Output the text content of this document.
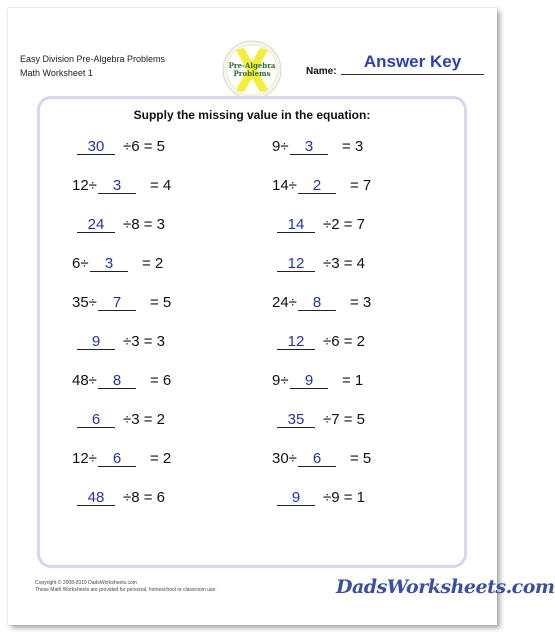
Easy Division Pre-Algebra Problems
Math Worksheet 1
Pre-Algebra
Problems	Name:
Answer Key
Supply the missing value in the equation:
30	÷6 = 5
12÷	3	= 4
24	÷8 = 3
6÷	3	= 2
35÷	7	= 5
9	÷3 = 3
48÷	8	= 6
6	÷3 = 2
12÷	6	= 2
48	÷8 = 6
9÷	3	= 3
14÷	2	= 7
14	÷2 = 7
12	÷3 = 4
24÷	8	= 3
12	÷6 = 2
9÷	9	= 1
35	÷7 = 5
30÷	6	= 5
9	÷9 = 1
Copyright © 2008-2019 DadsWorksheets.com
These Math Worksheets are provided for personal, homeschool or classroom use.	DadsWorksheets.com
